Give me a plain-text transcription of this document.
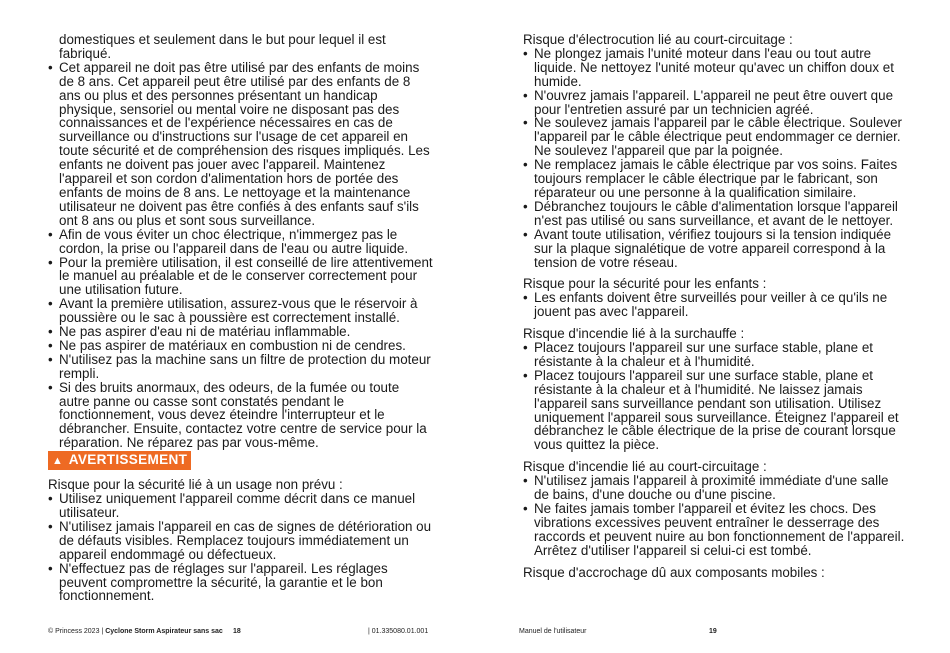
domestiques et seulement dans le but pour lequel il est fabriqué.

• Cet appareil ne doit pas être utilisé par des enfants de moins de 8 ans. Cet appareil peut être utilisé par des enfants de 8 ans ou plus et des personnes présentant un handicap physique, sensoriel ou mental voire ne disposant pas des connaissances et de l'expérience nécessaires en cas de surveillance ou d'instructions sur l'usage de cet appareil en toute sécurité et de compréhension des risques impliqués. Les enfants ne doivent pas jouer avec l'appareil. Maintenez l'appareil et son cordon d'alimentation hors de portée des enfants de moins de 8 ans. Le nettoyage et la maintenance utilisateur ne doivent pas être confiés à des enfants sauf s'ils ont 8 ans ou plus et sont sous surveillance.
• Afin de vous éviter un choc électrique, n'immergez pas le cordon, la prise ou l'appareil dans de l'eau ou autre liquide.
• Pour la première utilisation, il est conseillé de lire attentivement le manuel au préalable et de le conserver correctement pour une utilisation future.
• Avant la première utilisation, assurez-vous que le réservoir à poussière ou le sac à poussière est correctement installé.
• Ne pas aspirer d'eau ni de matériau inflammable.
• Ne pas aspirer de matériaux en combustion ni de cendres.
• N'utilisez pas la machine sans un filtre de protection du moteur rempli.
• Si des bruits anormaux, des odeurs, de la fumée ou toute autre panne ou casse sont constatés pendant le fonctionnement, vous devez éteindre l'interrupteur et le débrancher. Ensuite, contactez votre centre de service pour la réparation. Ne réparez pas par vous-même.
▲ AVERTISSEMENT

Risque pour la sécurité lié à un usage non prévu :

• Utilisez uniquement l'appareil comme décrit dans ce manuel utilisateur.
• N'utilisez jamais l'appareil en cas de signes de détérioration ou de défauts visibles. Remplacez toujours immédiatement un appareil endommagé ou défectueux.
• N'effectuez pas de réglages sur l'appareil. Les réglages peuvent compromettre la sécurité, la garantie et le bon fonctionnement.
© Princess 2023 | Cyclone Storm Aspirateur sans sac 18	| 01.335080.01.001

Risque d'électrocution lié au court-circuitage :

• Ne plongez jamais l'unité moteur dans l'eau ou tout autre liquide. Ne nettoyez l'unité moteur qu'avec un chiffon doux et humide.
• N'ouvrez jamais l'appareil. L'appareil ne peut être ouvert que pour l'entretien assuré par un technicien agréé.
• Ne soulevez jamais l'appareil par le câble électrique. Soulever l'appareil par le câble électrique peut endommager ce dernier. Ne soulevez l'appareil que par la poignée.
• Ne remplacez jamais le câble électrique par vos soins. Faites toujours remplacer le câble électrique par le fabricant, son réparateur ou une personne à la qualification similaire.
• Débranchez toujours le câble d'alimentation lorsque l'appareil n'est pas utilisé ou sans surveillance, et avant de le nettoyer.
• Avant toute utilisation, vérifiez toujours si la tension indiquée sur la plaque signalétique de votre appareil correspond à la tension de votre réseau.

Risque pour la sécurité pour les enfants :

• Les enfants doivent être surveillés pour veiller à ce qu'ils ne jouent pas avec l'appareil.

Risque d'incendie lié à la surchauffe :

• Placez toujours l'appareil sur une surface stable, plane et résistante à la chaleur et à l'humidité.
• Placez toujours l'appareil sur une surface stable, plane et résistante à la chaleur et à l'humidité. Ne laissez jamais l'appareil sans surveillance pendant son utilisation. Utilisez uniquement l'appareil sous surveillance. Éteignez l'appareil et débranchez le câble électrique de la prise de courant lorsque vous quittez la pièce.

Risque d'incendie lié au court-circuitage :

• N'utilisez jamais l'appareil à proximité immédiate d'une salle de bains, d'une douche ou d'une piscine.
• Ne faites jamais tomber l'appareil et évitez les chocs. Des vibrations excessives peuvent entraîner le desserrage des raccords et peuvent nuire au bon fonctionnement de l'appareil. Arrêtez d'utiliser l'appareil si celui-ci est tombé.

Risque d'accrochage dû aux composants mobiles :

Manuel de l'utilisateur	19
